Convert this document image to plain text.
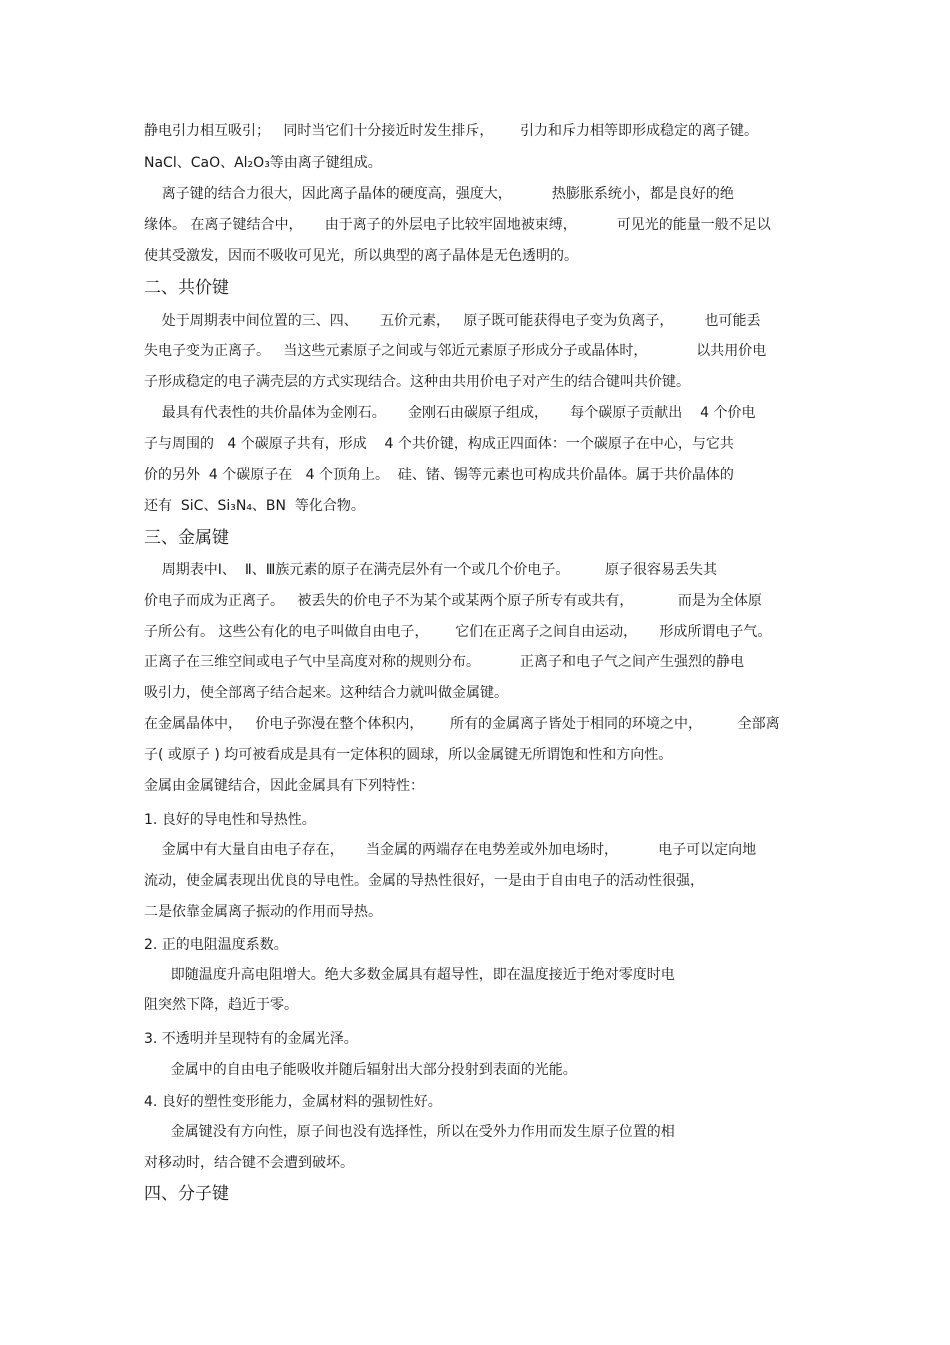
静电引力相互吸引；   同时当它们十分接近时发生排斥，      引力和斥力相等即形成稳定的离子键。
NaCl、CaO、Al₂O₃等由离子键组成。
离子键的结合力很大，因此离子晶体的硬度高，强度大，         热膨胀系统小，都是良好的绝
缘体。 在离子键结合中，     由于离子的外层电子比较牢固地被束缚，         可见光的能量一般不足以
使其受激发，因而不吸收可见光，所以典型的离子晶体是无色透明的。
二、共价键
处于周期表中间位置的三、四、     五价元素，   原子既可能获得电子变为负离子，       也可能丢
失电子变为正离子。   当这些元素原子之间或与邻近元素原子形成分子或晶体时，           以共用价电
子形成稳定的电子满壳层的方式实现结合。这种由共用价电子对产生的结合键叫共价键。
最具有代表性的共价晶体为金刚石。     金刚石由碳原子组成，     每个碳原子贡献出    4 个价电
子与周围的   4 个碳原子共有，形成    4 个共价键，构成正四面体：一个碳原子在中心，与它共
价的另外  4 个碳原子在   4 个顶角上。  硅、锗、锡等元素也可构成共价晶体。属于共价晶体的
还有  SiC、Si₃N₄、BN  等化合物。
三、金属键
周期表中Ⅰ、  Ⅱ、Ⅲ族元素的原子在满壳层外有一个或几个价电子。        原子很容易丢失其
价电子而成为正离子。   被丢失的价电子不为某个或某两个原子所专有或共有，          而是为全体原
子所公有。 这些公有化的电子叫做自由电子，      它们在正离子之间自由运动，     形成所谓电子气。
正离子在三维空间或电子气中呈高度对称的规则分布。         正离子和电子气之间产生强烈的静电
吸引力，使全部离子结合起来。这种结合力就叫做金属键。
在金属晶体中，   价电子弥漫在整个体积内，      所有的金属离子皆处于相同的环境之中，        全部离
子( 或原子 ) 均可被看成是具有一定体积的圆球，所以金属键无所谓饱和性和方向性。
金属由金属键结合，因此金属具有下列特性：
1. 良好的导电性和导热性。
金属中有大量自由电子存在，     当金属的两端存在电势差或外加电场时，         电子可以定向地
流动，使金属表现出优良的导电性。金属的导热性很好，一是由于自由电子的活动性很强，
二是依靠金属离子振动的作用而导热。
2. 正的电阻温度系数。
即随温度升高电阻增大。绝大多数金属具有超导性，即在温度接近于绝对零度时电
阻突然下降，趋近于零。
3. 不透明并呈现特有的金属光泽。
金属中的自由电子能吸收并随后辐射出大部分投射到表面的光能。
4. 良好的塑性变形能力，金属材料的强韧性好。
金属键没有方向性，原子间也没有选择性，所以在受外力作用而发生原子位置的相
对移动时，结合键不会遭到破坏。
四、分子键
